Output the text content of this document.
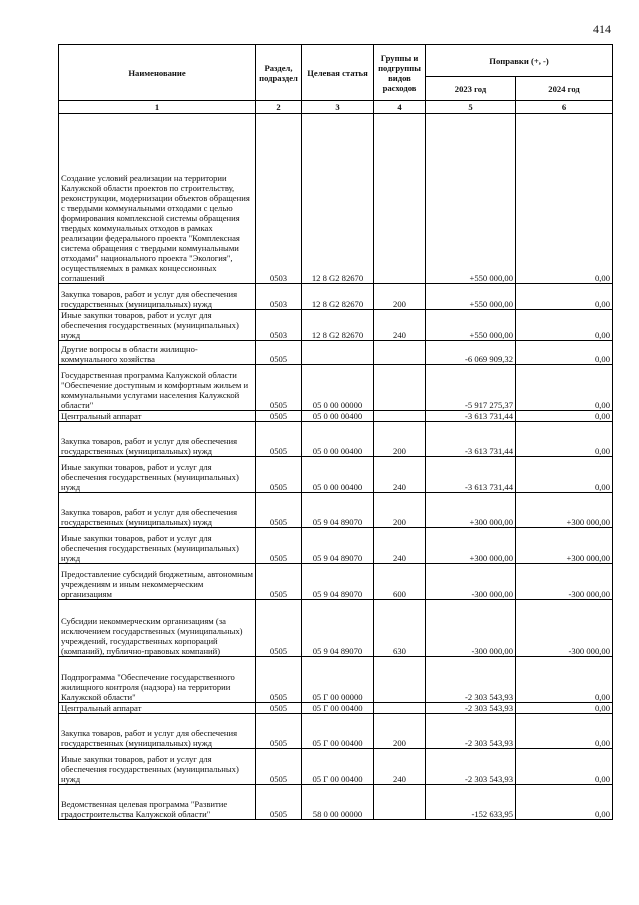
414
Наименование	Раздел, подраздел	Целевая статья	Группы и подгруппы видов расходов	Поправки (+, -)	
				2023 год	2024 год
1	2	3	4	5	6
Создание условий реализации на территории Калужской области проектов по строительству, реконструкции, модернизации объектов обращения с твердыми коммунальными отходами с целью формирования комплексной системы обращения твердых коммунальных отходов в рамках реализации федерального проекта "Комплексная система обращения с твердыми коммунальными отходами" национального проекта "Экология", осуществляемых в рамках концессионных соглашений	0503	12 8 G2 82670		+550 000,00	0,00
Закупка товаров, работ и услуг для обеспечения государственных (муниципальных) нужд	0503	12 8 G2 82670	200	+550 000,00	0,00
Иные закупки товаров, работ и услуг для обеспечения государственных (муниципальных) нужд	0503	12 8 G2 82670	240	+550 000,00	0,00
Другие вопросы в области жилищно-коммунального хозяйства	0505			-6 069 909,32	0,00
Государственная программа Калужской области "Обеспечение доступным и комфортным жильем и коммунальными услугами населения Калужской области"	0505	05 0 00 00000		-5 917 275,37	0,00
Центральный аппарат	0505	05 0 00 00400		-3 613 731,44	0,00
Закупка товаров, работ и услуг для обеспечения государственных (муниципальных) нужд	0505	05 0 00 00400	200	-3 613 731,44	0,00
Иные закупки товаров, работ и услуг для обеспечения государственных (муниципальных) нужд	0505	05 0 00 00400	240	-3 613 731,44	0,00
Закупка товаров, работ и услуг для обеспечения государственных (муниципальных) нужд	0505	05 9 04 89070	200	+300 000,00	+300 000,00
Иные закупки товаров, работ и услуг для обеспечения государственных (муниципальных) нужд	0505	05 9 04 89070	240	+300 000,00	+300 000,00
Предоставление субсидий бюджетным, автономным учреждениям и иным некоммерческим организациям	0505	05 9 04 89070	600	-300 000,00	-300 000,00
Субсидии некоммерческим организациям (за исключением государственных (муниципальных) учреждений, государственных корпораций (компаний), публично-правовых компаний)	0505	05 9 04 89070	630	-300 000,00	-300 000,00
Подпрограмма "Обеспечение государственного жилищного контроля (надзора) на территории Калужской области"	0505	05 Г 00 00000		-2 303 543,93	0,00
Центральный аппарат	0505	05 Г 00 00400		-2 303 543,93	0,00
Закупка товаров, работ и услуг для обеспечения государственных (муниципальных) нужд	0505	05 Г 00 00400	200	-2 303 543,93	0,00
Иные закупки товаров, работ и услуг для обеспечения государственных (муниципальных) нужд	0505	05 Г 00 00400	240	-2 303 543,93	0,00
Ведомственная целевая программа "Развитие градостроительства Калужской области"	0505	58 0 00 00000		-152 633,95	0,00
